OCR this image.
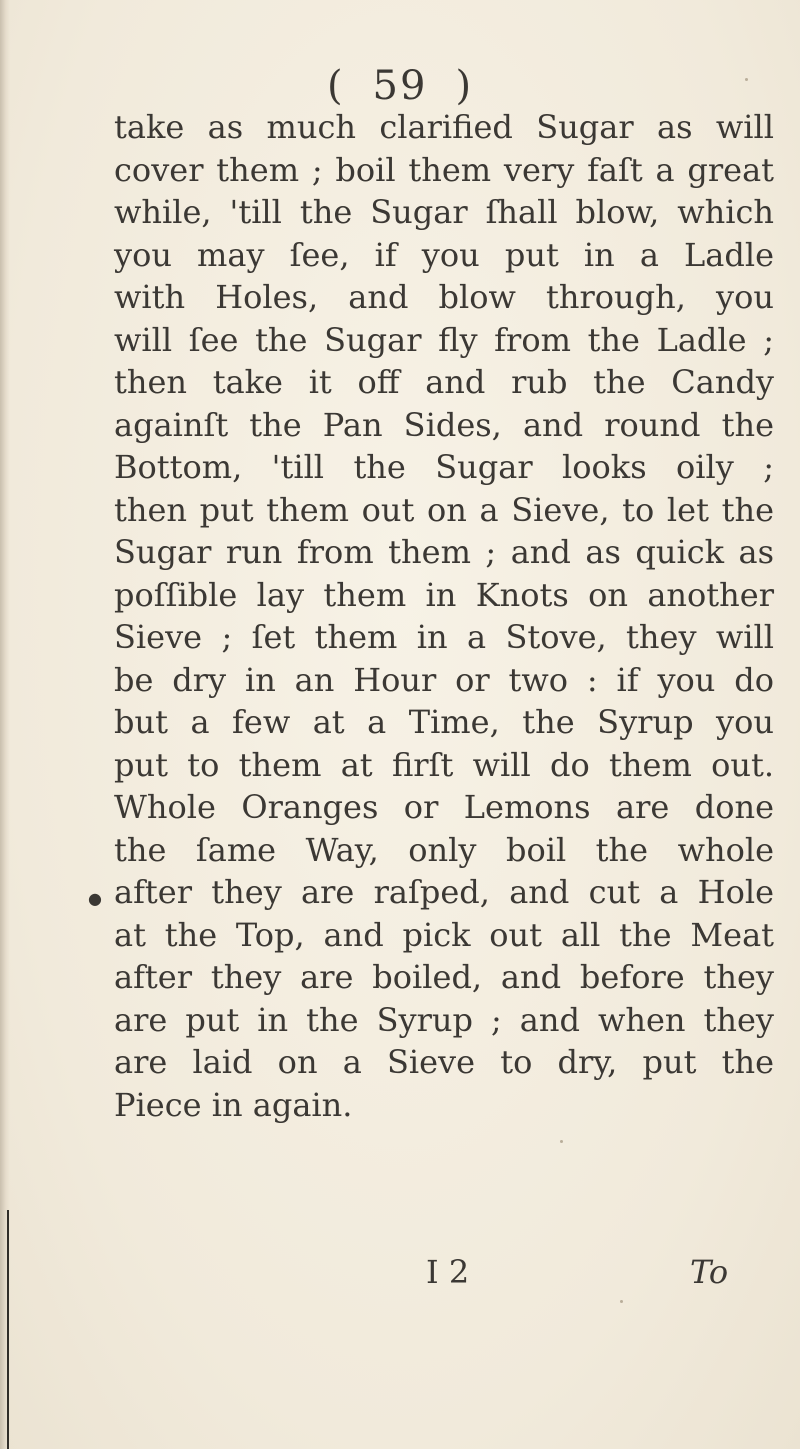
( 59 )
take as much clarified Sugar as will
cover them ; boil them very faſt a great
while, 'till the Sugar ſhall blow, which
you may ſee, if you put in a Ladle
with Holes, and blow through, you
will ſee the Sugar fly from the Ladle ;
then take it off and rub the Candy
againſt the Pan Sides, and round the
Bottom, 'till the Sugar looks oily ;
then put them out on a Sieve, to let the
Sugar run from them ; and as quick as
poſſible lay them in Knots on another
Sieve ; ſet them in a Stove, they will
be dry in an Hour or two : if you do
but a few at a Time, the Syrup you
put to them at firſt will do them out.
Whole Oranges or Lemons are done
the ſame Way, only boil the whole
after they are raſped, and cut a Hole
at the Top, and pick out all the Meat
after they are boiled, and before they
are put in the Syrup ; and when they
are laid on a Sieve to dry, put the
Piece in again.
●
I 2	To
